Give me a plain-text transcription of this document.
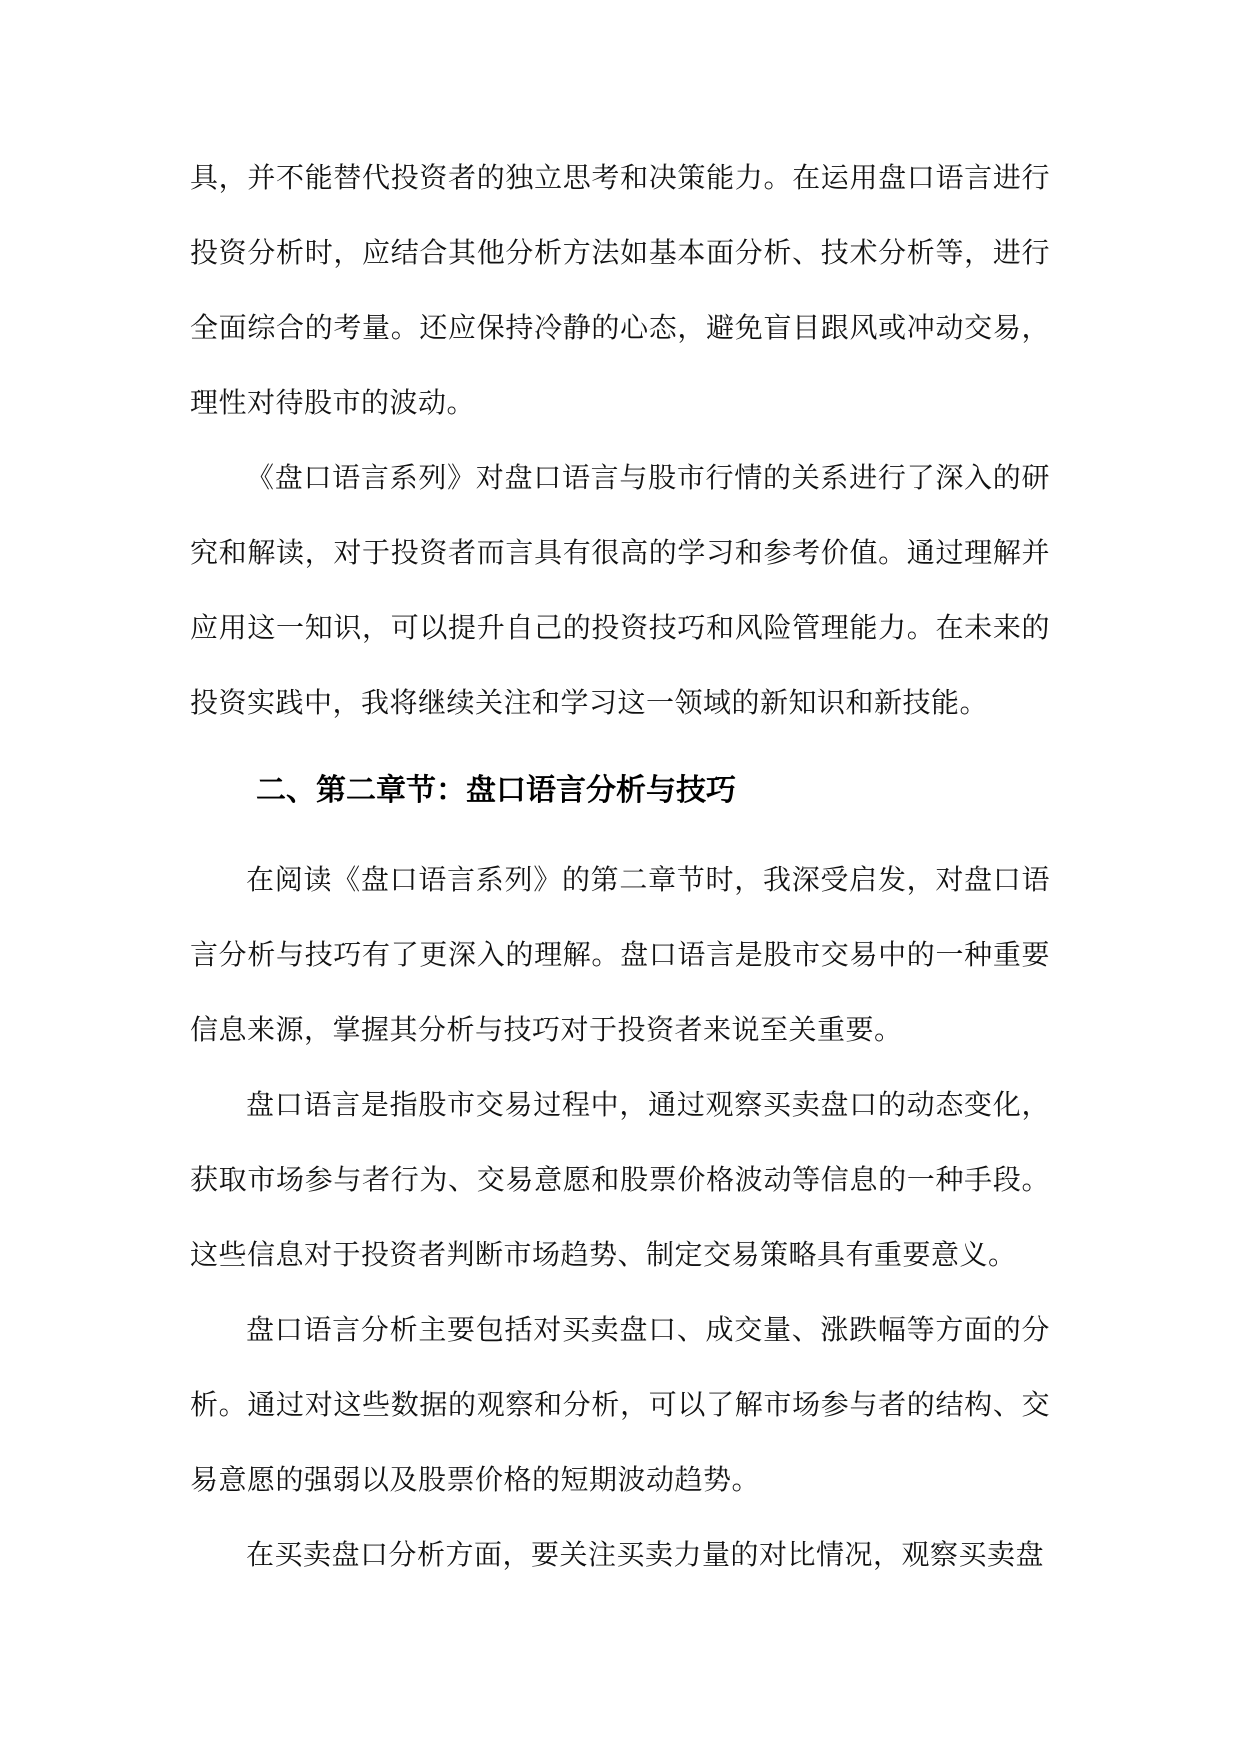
具，并不能替代投资者的独立思考和决策能力。在运用盘口语言进行投资分析时，应结合其他分析方法如基本面分析、技术分析等，进行全面综合的考量。还应保持冷静的心态，避免盲目跟风或冲动交易，理性对待股市的波动。

《盘口语言系列》对盘口语言与股市行情的关系进行了深入的研究和解读，对于投资者而言具有很高的学习和参考价值。通过理解并应用这一知识，可以提升自己的投资技巧和风险管理能力。在未来的投资实践中，我将继续关注和学习这一领域的新知识和新技能。

二、第二章节：盘口语言分析与技巧

在阅读《盘口语言系列》的第二章节时，我深受启发，对盘口语言分析与技巧有了更深入的理解。盘口语言是股市交易中的一种重要信息来源，掌握其分析与技巧对于投资者来说至关重要。

盘口语言是指股市交易过程中，通过观察买卖盘口的动态变化，获取市场参与者行为、交易意愿和股票价格波动等信息的一种手段。这些信息对于投资者判断市场趋势、制定交易策略具有重要意义。

盘口语言分析主要包括对买卖盘口、成交量、涨跌幅等方面的分析。通过对这些数据的观察和分析，可以了解市场参与者的结构、交易意愿的强弱以及股票价格的短期波动趋势。

在买卖盘口分析方面，要关注买卖力量的对比情况，观察买卖盘
